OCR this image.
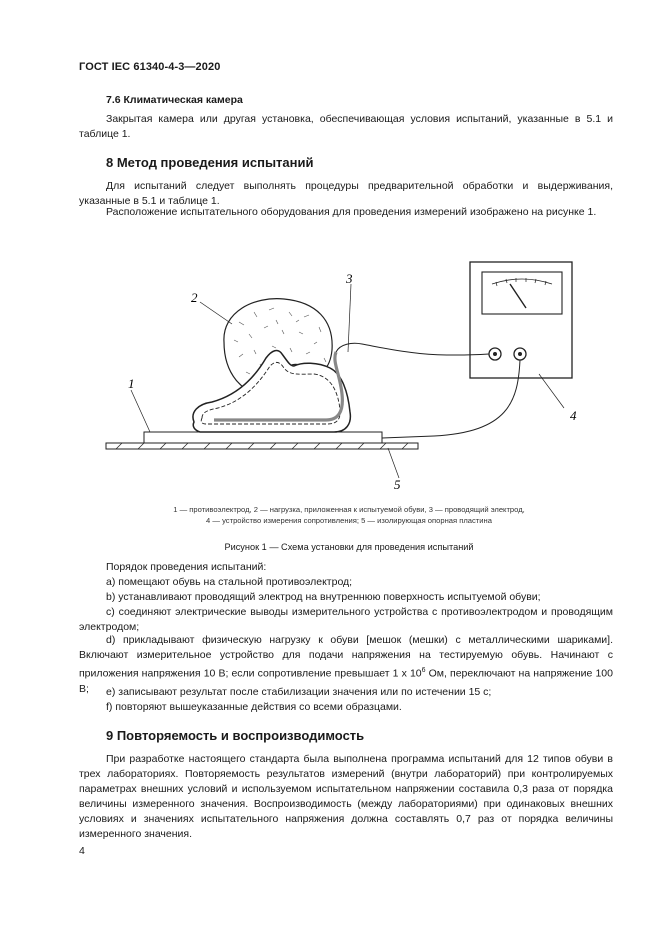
ГОСТ IEC 61340-4-3—2020
7.6 Климатическая камера

Закрытая камера или другая установка, обеспечивающая условия испытаний, указанные в 5.1 и таблице 1.

8 Метод проведения испытаний

Для испытаний следует выполнять процедуры предварительной обработки и выдерживания, указанные в 5.1 и таблице 1.

Расположение испытательного оборудования для проведения измерений изображено на рисунке 1.

1
2
3
4
5
1 — противоэлектрод, 2 — нагрузка, приложенная к испытуемой обуви, 3 — проводящий электрод,
4 — устройство измерения сопротивления; 5 — изолирующая опорная пластина
Рисунок 1 — Схема установки для проведения испытаний

Порядок проведения испытаний:

a) помещают обувь на стальной противоэлектрод;

b) устанавливают проводящий электрод на внутреннюю поверхность испытуемой обуви;

c) соединяют электрические выводы измерительного устройства с противоэлектродом и проводящим электродом;

d) прикладывают физическую нагрузку к обуви [мешок (мешки) с металлическими шариками]. Включают измерительное устройство для подачи напряжения на тестируемую обувь. Начинают с приложения напряжения 10 В; если сопротивление превышает 1 х $10^6$ Ом, переключают на напряжение 100 В;	e) записывают результат после стабилизации значения или по истечении 15 с;

f) повторяют вышеуказанные действия со всеми образцами.

9 Повторяемость и воспроизводимость

При разработке настоящего стандарта была выполнена программа испытаний для 12 типов обуви в трех лабораториях. Повторяемость результатов измерений (внутри лабораторий) при контролируемых параметрах внешних условий и используемом испытательном напряжении составила 0,3 раза от порядка величины измеренного значения. Воспроизводимость (между лабораториями) при одинаковых внешних условиях и значениях испытательного напряжения должна составлять 0,7 раз от порядка величины измеренного значения.

4
